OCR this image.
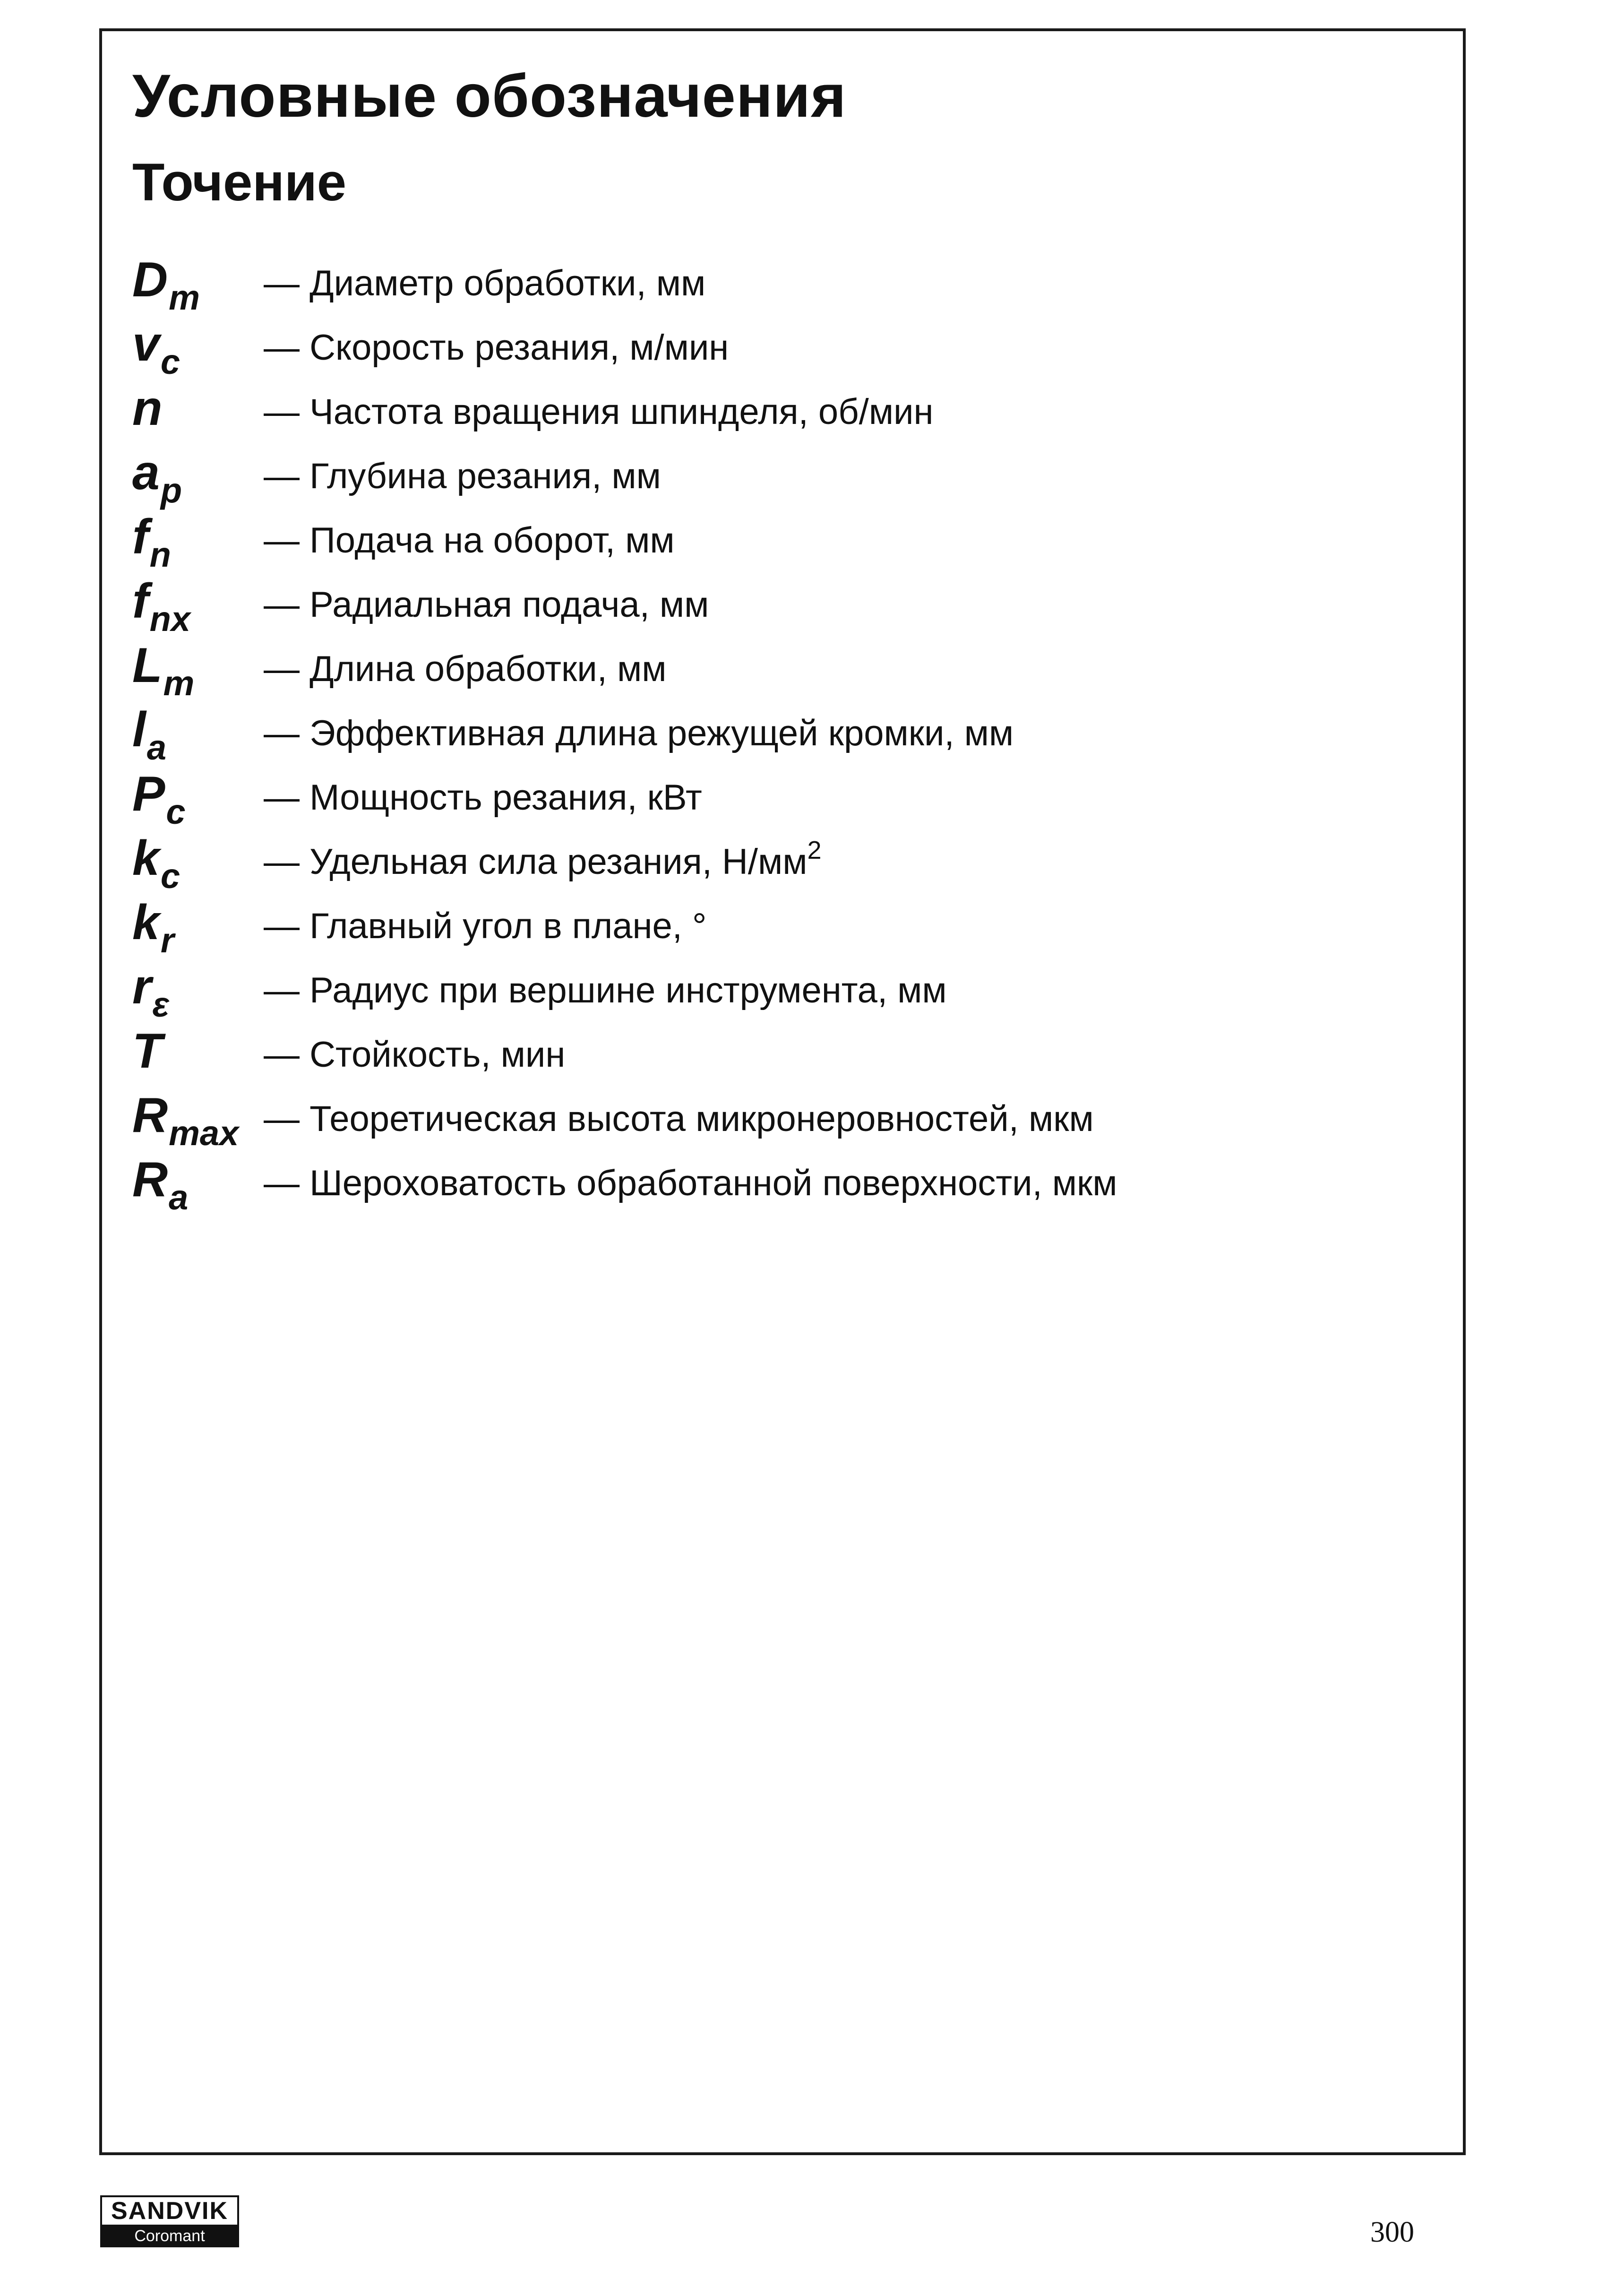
Условные обозначения
Точение
$D_m$ — Диаметр обработки, мм
$v_c$ — Скорость резания, м/мин
n	— Частота вращения шпинделя, об/мин
$a_p$ — Глубина резания, мм
$f_n$	— Подача на оборот, мм
$f_{nx}$ — Радиальная подача, мм
$L_m$ — Длина обработки, мм
$l_a$	— Эффективная длина режущей кромки, мм
$P_c$ — Мощность резания, кВт
$k_c$ — Удельная сила резания, $Н/мм^2$
$k_r$ — Главный угол в плане, °
$r_\varepsilon$	— Радиус при вершине инструмента, мм
T	— Стойкость, мин
$R_{max}$ — Теоретическая высота микронеровностей, мкм
$R_a$ — Шероховатость обработанной поверхности, мкм
SANDVIK
Coromant	300
